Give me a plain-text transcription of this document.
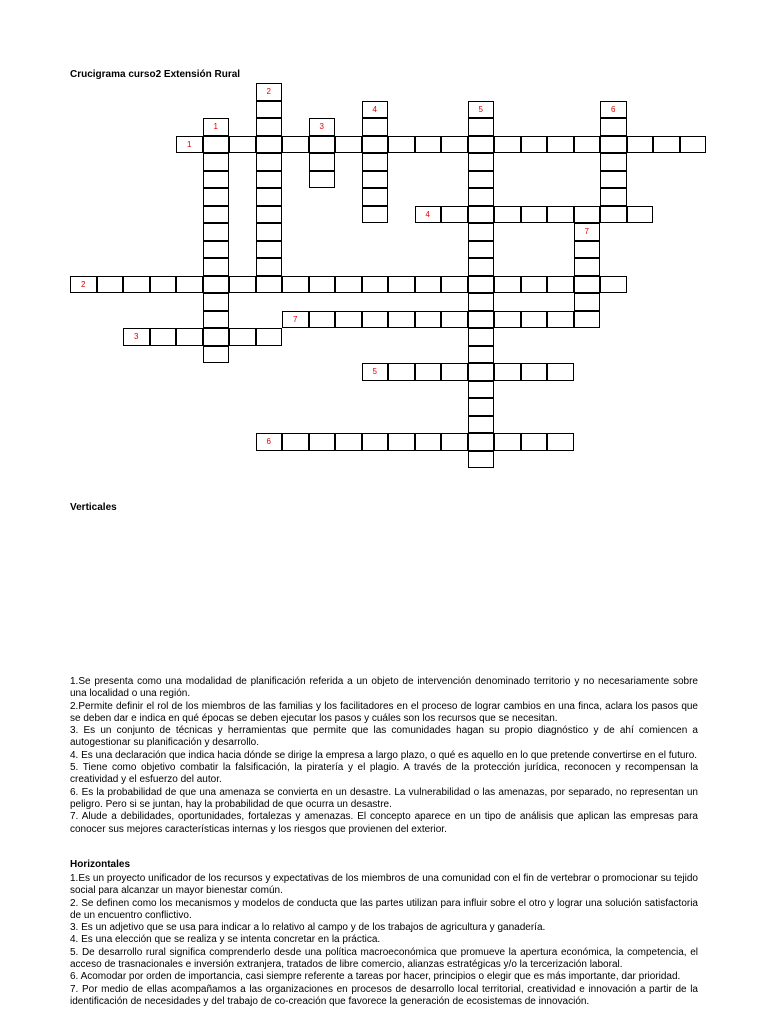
Crucigrama curso2 Extensión Rural
1
2
3
4	5	6
7
1
2
3
4
5
6
7
Verticales

1.Se presenta como una modalidad de planificación referida a un objeto de intervención denominado territorio y no necesariamente sobre una localidad o una región.

2.Permite definir el rol de los miembros de las familias y los facilitadores en el proceso de lograr cambios en una finca, aclara los pasos que se deben dar e indica en qué épocas se deben ejecutar los pasos y cuáles son los recursos que se necesitan.

3. Es un conjunto de técnicas y herramientas que permite que las comunidades hagan su propio diagnóstico y de ahí comiencen a autogestionar su planificación y desarrollo.

4. Es una declaración que indica hacia dónde se dirige la empresa a largo plazo, o qué es aquello en lo que pretende convertirse en el futuro.

5. Tiene como objetivo combatir la falsificación, la piratería y el plagio. A través de la protección jurídica, reconocen y recompensan la creatividad y el esfuerzo del autor.

6. Es la probabilidad de que una amenaza se convierta en un desastre. La vulnerabilidad o las amenazas, por separado, no representan un peligro. Pero si se juntan, hay la probabilidad de que ocurra un desastre.

7. Alude a debilidades, oportunidades, fortalezas y amenazas. El concepto aparece en un tipo de análisis que aplican las empresas para conocer sus mejores características internas y los riesgos que provienen del exterior.

Horizontales

1.Es un proyecto unificador de los recursos y expectativas de los miembros de una comunidad con el fin de vertebrar o promocionar su tejido social para alcanzar un mayor bienestar común.

2. Se definen como los mecanismos y modelos de conducta que las partes utilizan para influir sobre el otro y lograr una solución satisfactoria de un encuentro conflictivo.

3. Es un adjetivo que se usa para indicar a lo relativo al campo y de los trabajos de agricultura y ganadería.

4. Es una elección que se realiza y se intenta concretar en la práctica.

5. De desarrollo rural significa comprenderlo desde una política macroeconómica que promueve la apertura económica, la competencia, el acceso de trasnacionales e inversión extranjera, tratados de libre comercio, alianzas estratégicas y/o la tercerización laboral.

6. Acomodar por orden de importancia, casi siempre referente a tareas por hacer, principios o elegir que es más importante, dar prioridad.

7. Por medio de ellas acompañamos a las organizaciones en procesos de desarrollo local territorial, creatividad e innovación a partir de la identificación de necesidades y del trabajo de co-creación que favorece la generación de ecosistemas de innovación.
